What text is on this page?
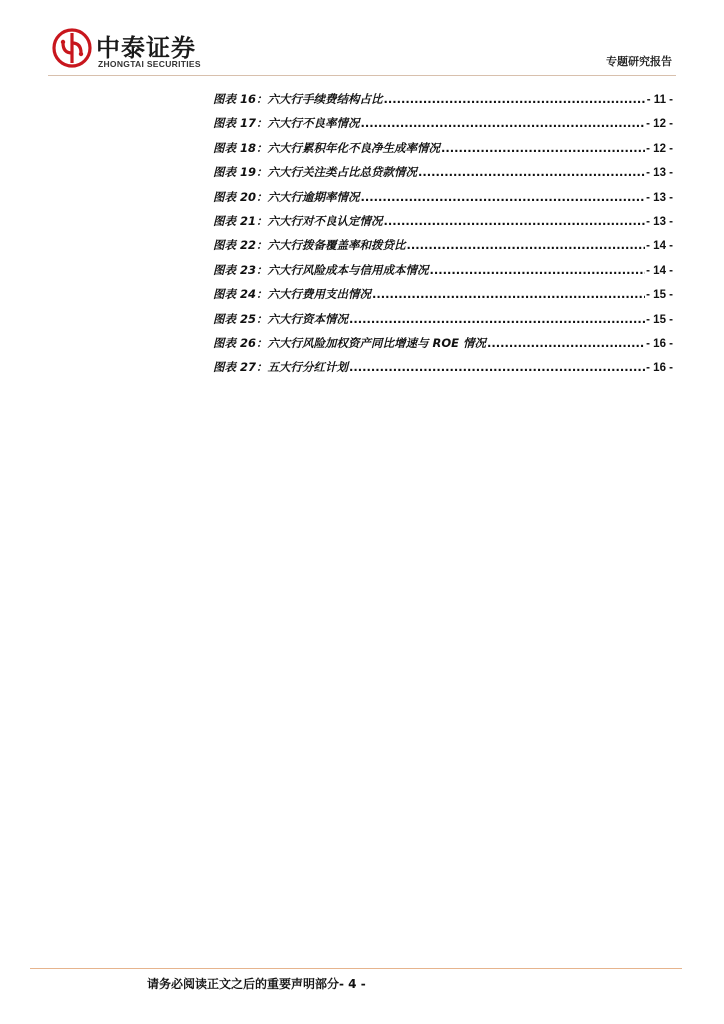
中泰证券
ZHONGTAI SECURITIES	专题研究报告
图表 16：六大行手续费结构占比 .....	- 11 -
图表 17：六大行不良率情况 .....	- 12 -
图表 18：六大行累积年化不良净生成率情况 .....	- 12 -
图表 19：六大行关注类占比总贷款情况 .....	- 13 -
图表 20：六大行逾期率情况 .....	- 13 -
图表 21：六大行对不良认定情况 .....	- 13 -
图表 22：六大行拨备覆盖率和拨贷比 .....	- 14 -
图表 23：六大行风险成本与信用成本情况 .....	- 14 -
图表 24：六大行费用支出情况 .....	- 15 -
图表 25：六大行资本情况 .....	- 15 -
图表 26：六大行风险加权资产同比增速与 ROE 情况 .....	- 16 -
图表 27：五大行分红计划 .....	- 16 -
请务必阅读正文之后的重要声明部分- 4 -
